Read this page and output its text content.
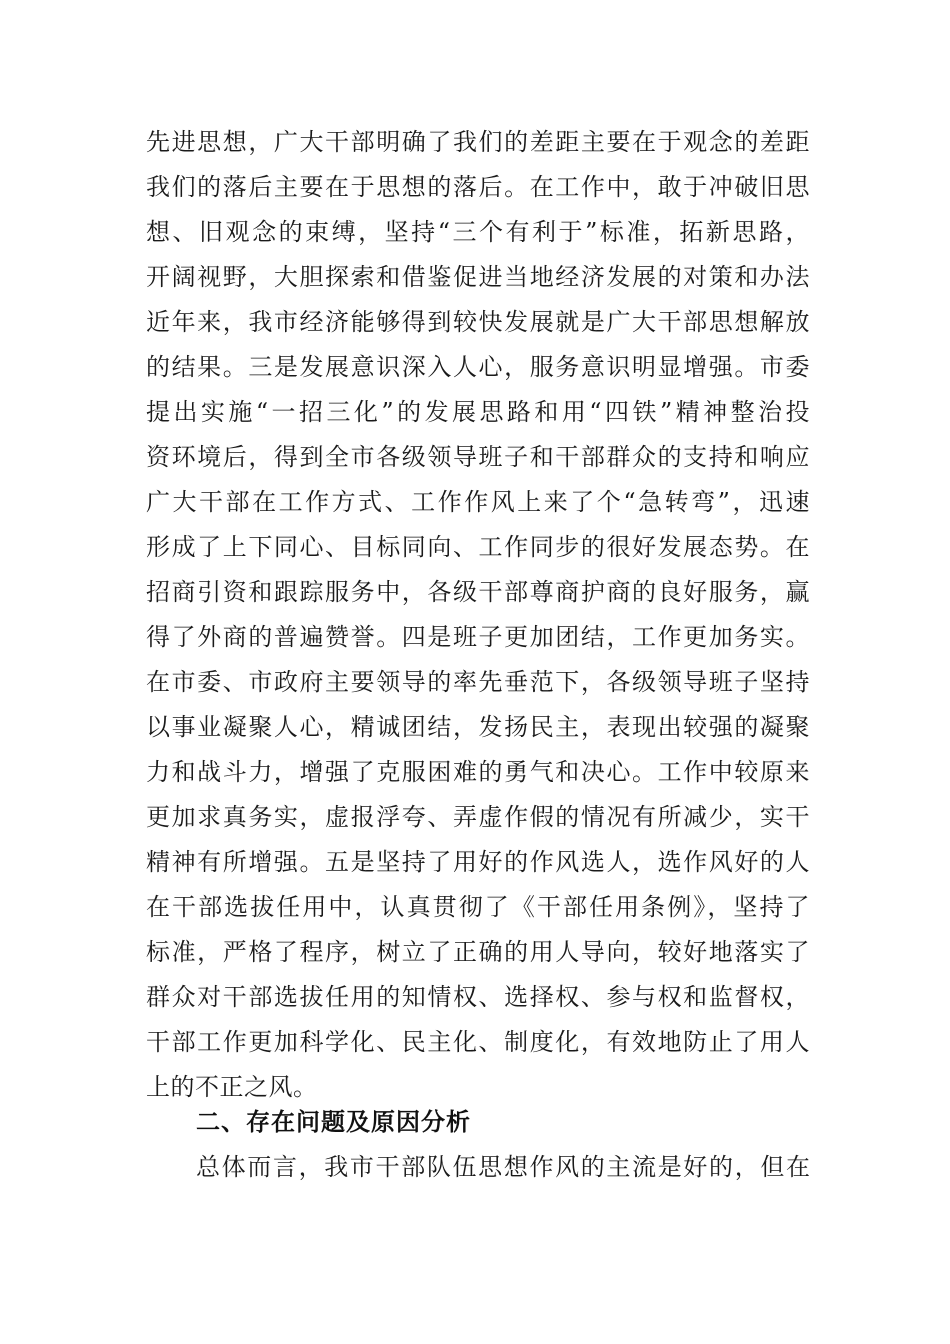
先进思想，广大干部明确了我们的差距主要在于观念的差距
我们的落后主要在于思想的落后。在工作中，敢于冲破旧思
想、旧观念的束缚，坚持“三个有利于”标准，拓新思路，
开阔视野，大胆探索和借鉴促进当地经济发展的对策和办法
近年来，我市经济能够得到较快发展就是广大干部思想解放
的结果。三是发展意识深入人心，服务意识明显增强。市委
提出实施“一招三化”的发展思路和用“四铁”精神整治投
资环境后，得到全市各级领导班子和干部群众的支持和响应
广大干部在工作方式、工作作风上来了个“急转弯”，迅速
形成了上下同心、目标同向、工作同步的很好发展态势。在
招商引资和跟踪服务中，各级干部尊商护商的良好服务，赢
得了外商的普遍赞誉。四是班子更加团结，工作更加务实。
在市委、市政府主要领导的率先垂范下，各级领导班子坚持
以事业凝聚人心，精诚团结，发扬民主，表现出较强的凝聚
力和战斗力，增强了克服困难的勇气和决心。工作中较原来
更加求真务实，虚报浮夸、弄虚作假的情况有所减少，实干
精神有所增强。五是坚持了用好的作风选人，选作风好的人
在干部选拔任用中，认真贯彻了《干部任用条例》，坚持了
标准，严格了程序，树立了正确的用人导向，较好地落实了
群众对干部选拔任用的知情权、选择权、参与权和监督权，
干部工作更加科学化、民主化、制度化，有效地防止了用人
上的不正之风。
二、存在问题及原因分析
总体而言，我市干部队伍思想作风的主流是好的，但在
